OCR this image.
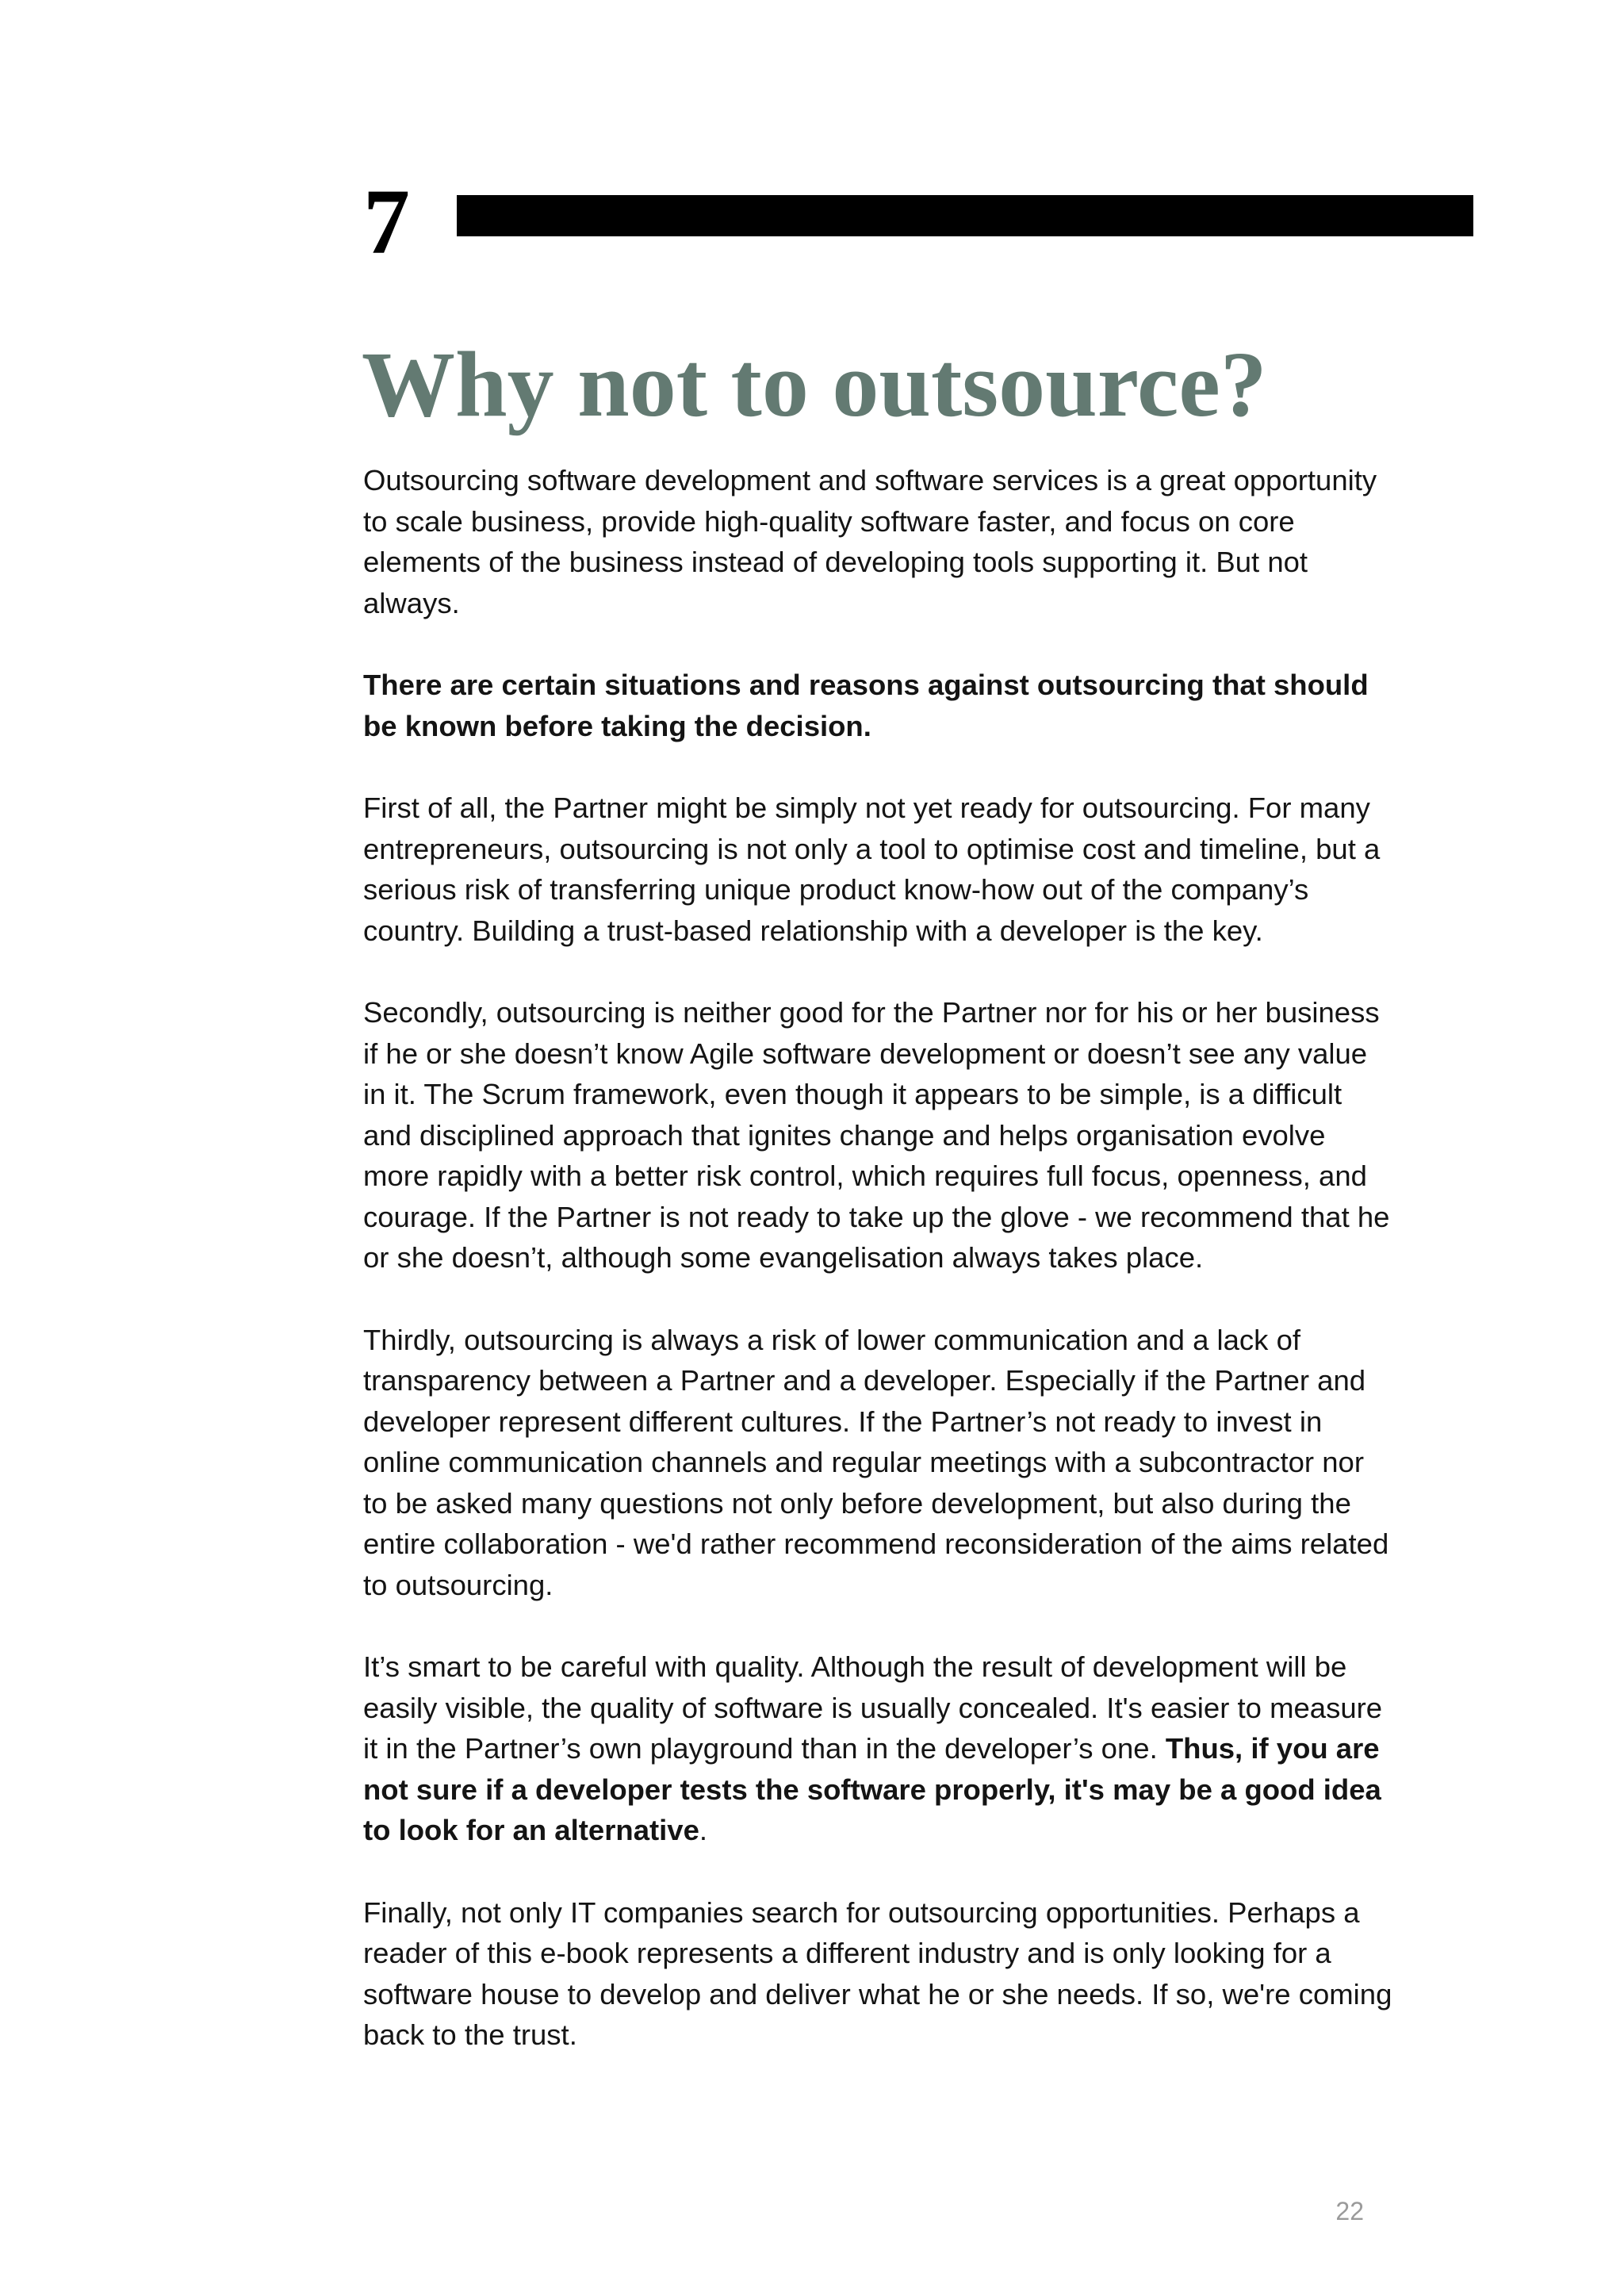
7
Why not to outsource?

Outsourcing software development and software services is a great opportunity to scale business, provide high-quality software faster, and focus on core elements of the business instead of developing tools supporting it. But not always.

There are certain situations and reasons against outsourcing that should be known before taking the decision.

First of all, the Partner might be simply not yet ready for outsourcing. For many entrepreneurs, outsourcing is not only a tool to optimise cost and timeline, but a serious risk of transferring unique product know-how out of the company’s country. Building a trust-based relationship with a developer is the key.

Secondly, outsourcing is neither good for the Partner nor for his or her business if he or she doesn’t know Agile software development or doesn’t see any value in it. The Scrum framework, even though it appears to be simple, is a difficult and disciplined approach that ignites change and helps organisation evolve more rapidly with a better risk control, which requires full focus, openness, and courage. If the Partner is not ready to take up the glove - we recommend that he or she doesn’t, although some evangelisation always takes place.

Thirdly, outsourcing is always a risk of lower communication and a lack of transparency between a Partner and a developer. Especially if the Partner and developer represent different cultures. If the Partner’s not ready to invest in online communication channels and regular meetings with a subcontractor nor to be asked many questions not only before development, but also during the entire collaboration - we'd rather recommend reconsideration of the aims related to outsourcing.

It’s smart to be careful with quality. Although the result of development will be easily visible, the quality of software is usually concealed. It's easier to measure it in the Partner’s own playground than in the developer’s one. Thus, if you are not sure if a developer tests the software properly, it's may be a good idea to look for an alternative.

Finally, not only IT companies search for outsourcing opportunities. Perhaps a reader of this e-book represents a different industry and is only looking for a software house to develop and deliver what he or she needs. If so, we're coming back to the trust.

22
